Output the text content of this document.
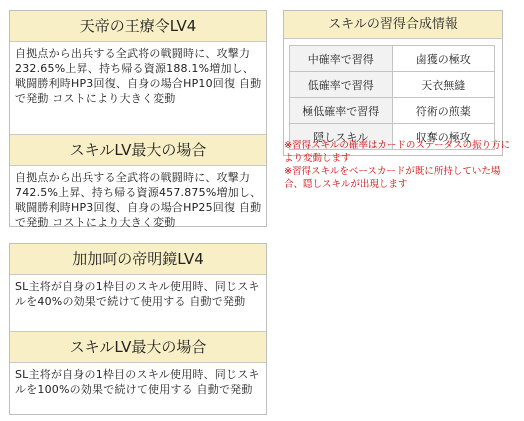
天帝の王療令LV4
自拠点から出兵する全武将の戦闘時に、攻撃力232.65%上昇、持ち帰る資源188.1%増加し、戦闘勝利時HP3回復、自身の場合HP10回復 自動で発動 コストにより大きく変動
スキルLV最大の場合
自拠点から出兵する全武将の戦闘時に、攻撃力742.5%上昇、持ち帰る資源457.875%増加し、戦闘勝利時HP3回復、自身の場合HP25回復 自動で発動 コストにより大きく変動
加加呵の帝明鏡LV4
SL主将が自身の1枠目のスキル使用時、同じスキルを40%の効果で続けて使用する 自動で発動
スキルLV最大の場合
SL主将が自身の1枠目のスキル使用時、同じスキルを100%の効果で続けて使用する 自動で発動
スキルの習得合成情報
中確率で習得	鹵獲の極攻
低確率で習得	天衣無縫
極低確率で習得	符術の煎薬
隠しスキル	収奪の極攻

※習得スキルの確率はカードのステータスの振り方により変動します

※習得スキルをベースカードが既に所持していた場合、隠しスキルが出現します
